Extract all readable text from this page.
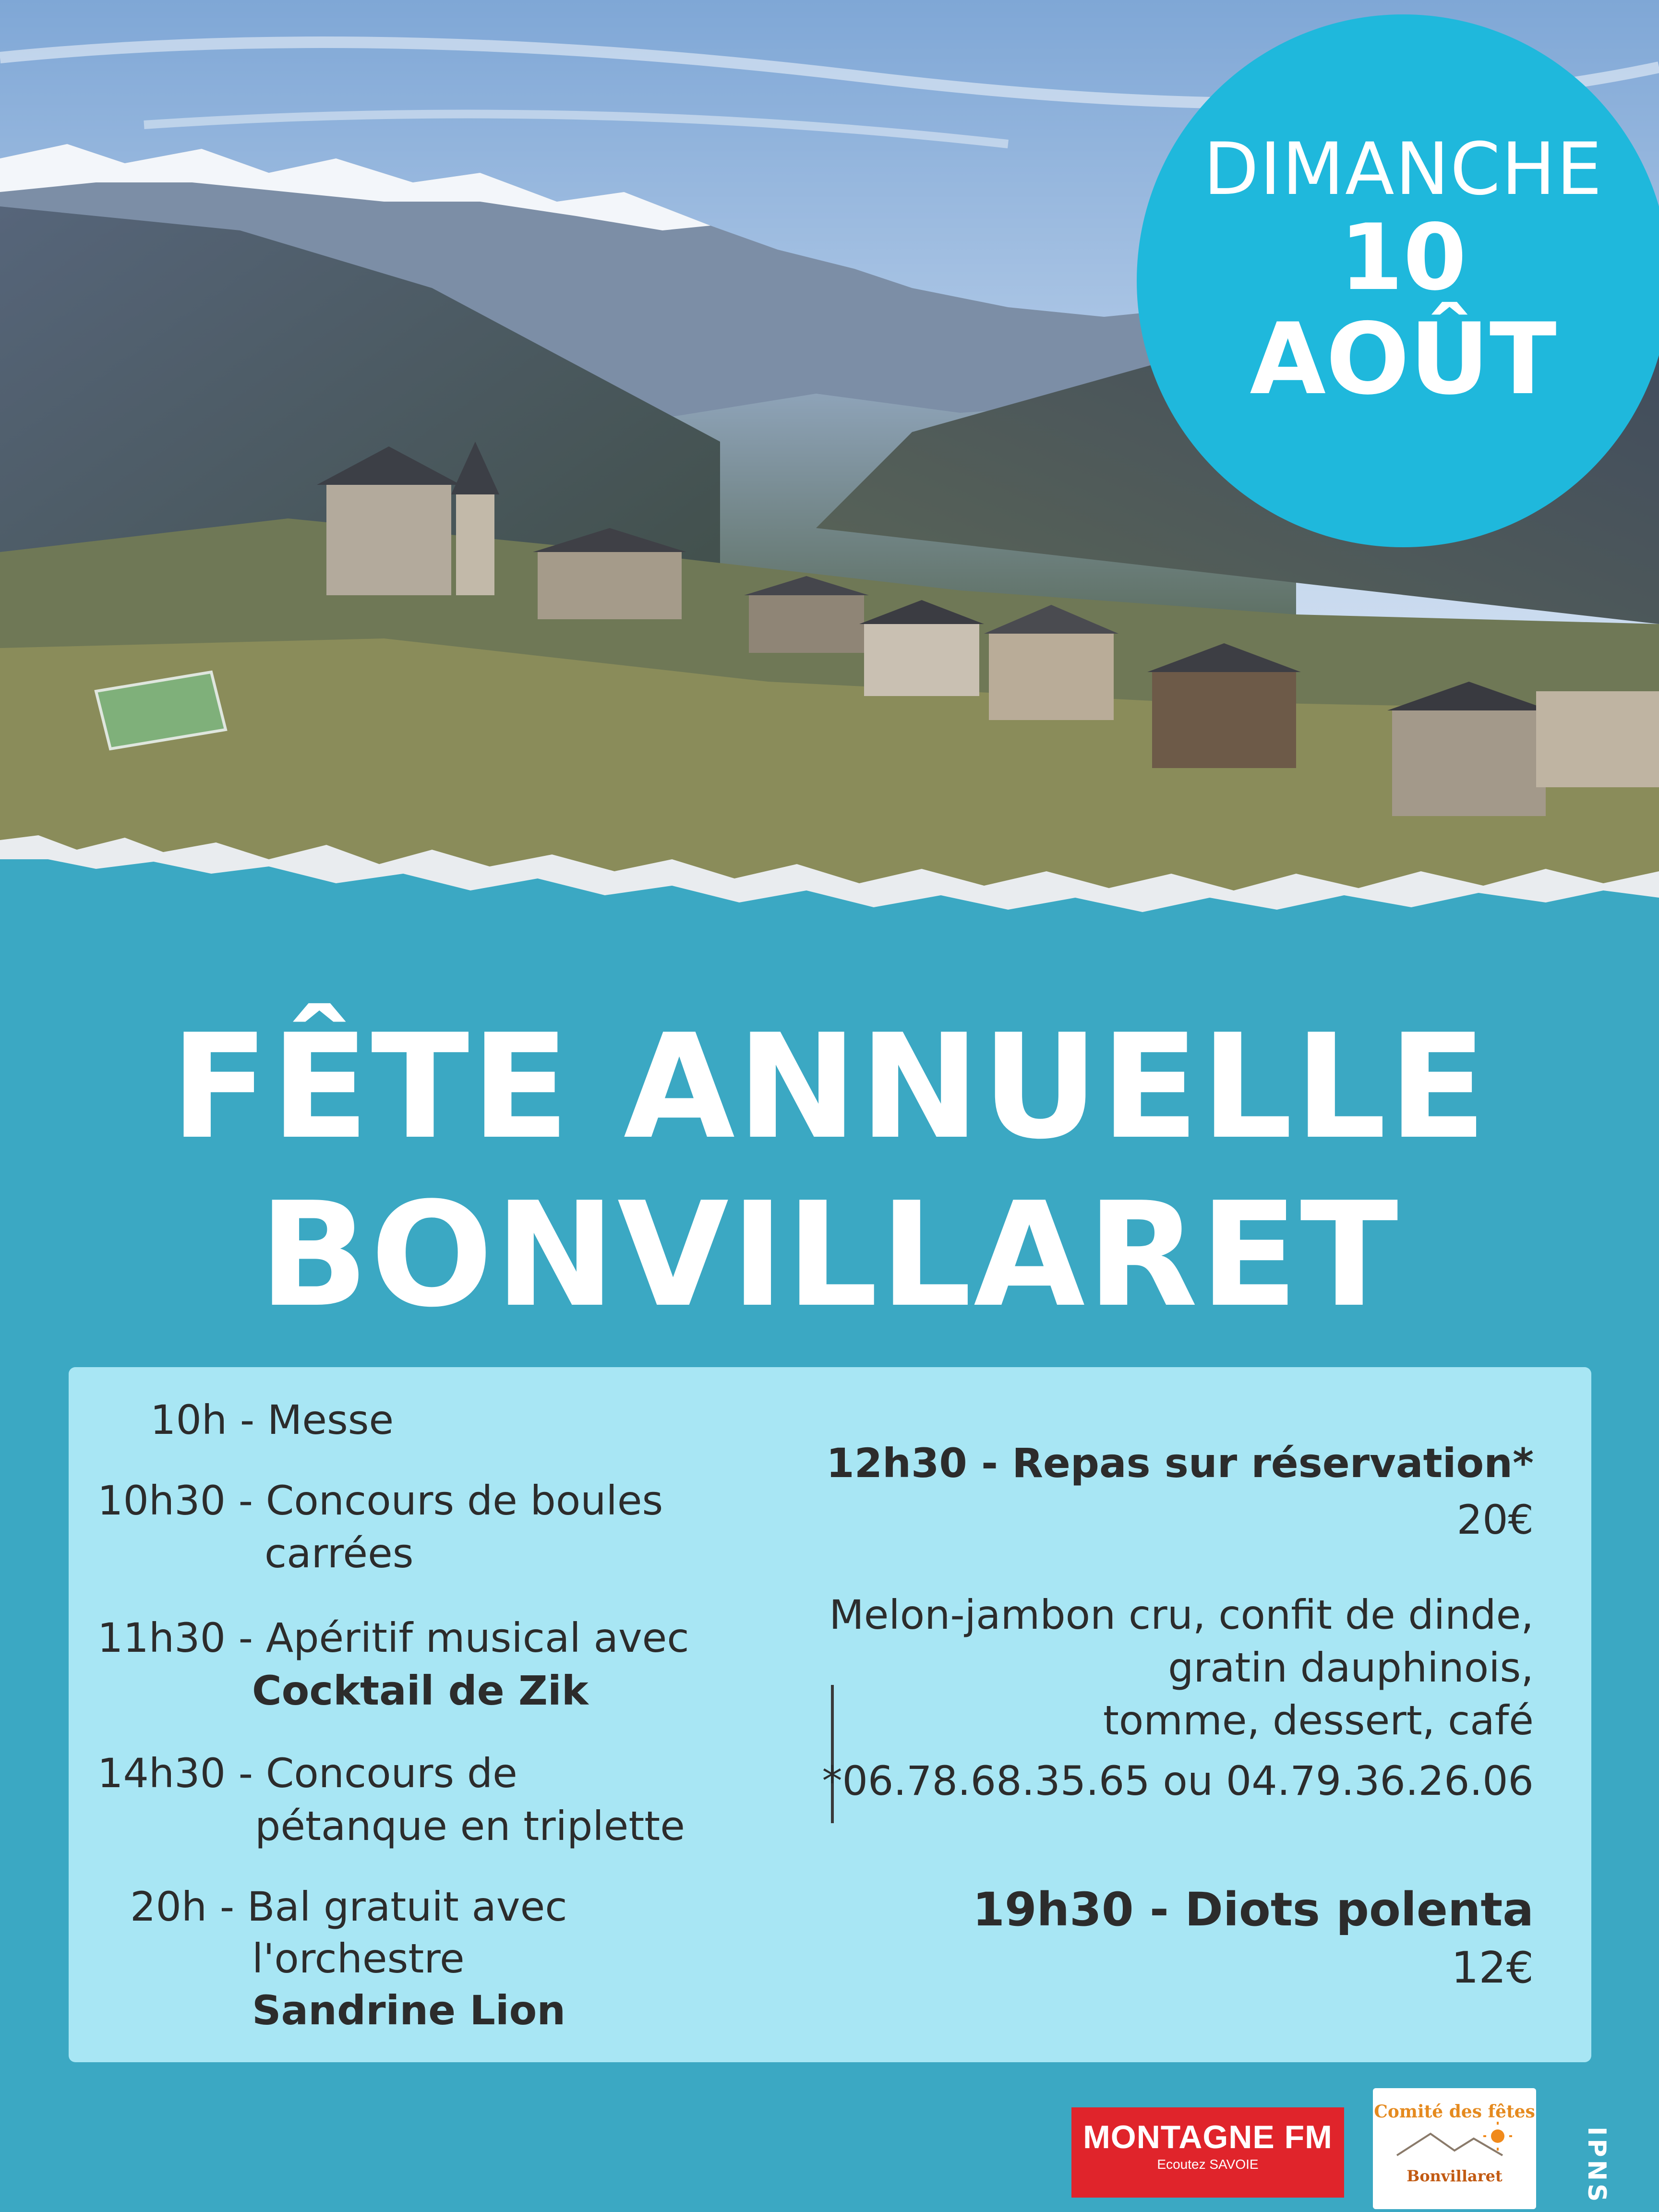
DIMANCHE
10
AOÛT
FÊTE ANNUELLE
BONVILLARET
10h - Messe
10h30 - Concours de boules
carrées
11h30 - Apéritif musical avec
Cocktail de Zik
14h30 - Concours de
pétanque en triplette
20h - Bal gratuit avec
l'orchestre
Sandrine Lion
12h30 - Repas sur réservation*
20€
Melon-jambon cru, confit de dinde,
gratin dauphinois,
tomme, dessert, café
*06.78.68.35.65 ou 04.79.36.26.06
19h30 - Diots polenta
12€
MONTAGNE FM
Ecoutez SAVOIE
Comité des fêtes
Bonvillaret	IPNS
